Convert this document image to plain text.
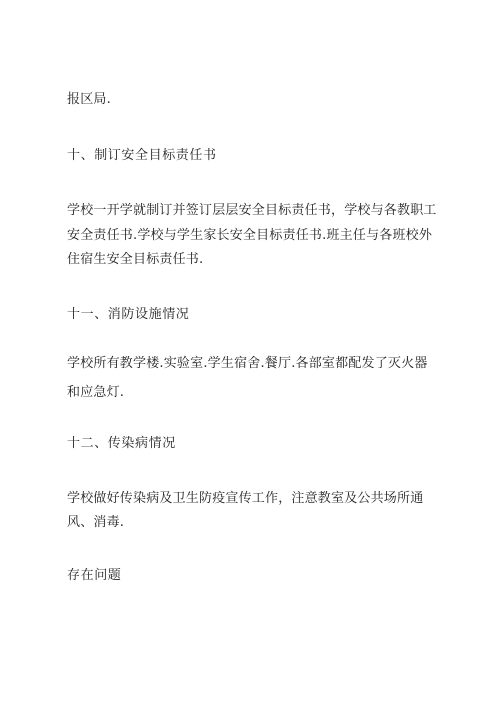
报区局.
十、制订安全目标责任书
学校一开学就制订并签订层层安全目标责任书，学校与各教职工
安全责任书.学校与学生家长安全目标责任书.班主任与各班校外
住宿生安全目标责任书.
十一、消防设施情况
学校所有教学楼.实验室.学生宿舍.餐厅.各部室都配发了灭火器
和应急灯.
十二、传染病情况
学校做好传染病及卫生防疫宣传工作，注意教室及公共场所通
风、消毒.
存在问题
